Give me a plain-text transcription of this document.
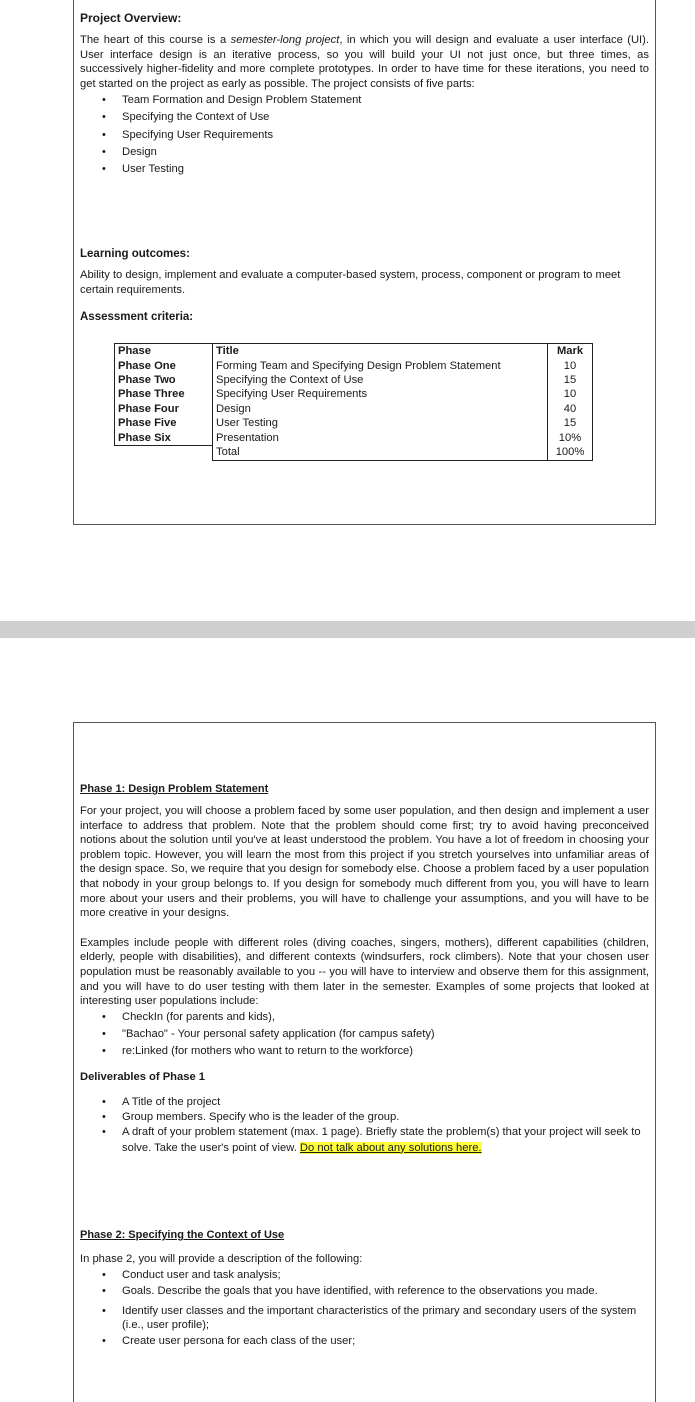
Project Overview:

The heart of this course is a semester-long project, in which you will design and evaluate a user interface (UI). User interface design is an iterative process, so you will build your UI not just once, but three times, as successively higher-fidelity and more complete prototypes. In order to have time for these iterations, you need to get started on the project as early as possible. The project consists of five parts:

• Team Formation and Design Problem Statement
• Specifying the Context of Use
• Specifying User Requirements
• Design
• User Testing
Learning outcomes:

Ability to design, implement and evaluate a computer-based system, process, component or program to meet certain requirements.

Assessment criteria:
Phase	Title	Mark
Phase One	Forming Team and Specifying Design Problem Statement	10
Phase Two	Specifying the Context of Use	15
Phase Three	Specifying User Requirements	10
Phase Four	Design	40
Phase Five	User Testing	15
Phase Six	Presentation	10%
	Total	100%
Phase 1: Design Problem Statement

For your project, you will choose a problem faced by some user population, and then design and implement a user interface to address that problem. Note that the problem should come first; try to avoid having preconceived notions about the solution until you've at least understood the problem. You have a lot of freedom in choosing your problem topic. However, you will learn the most from this project if you stretch yourselves into unfamiliar areas of the design space. So, we require that you design for somebody else. Choose a problem faced by a user population that nobody in your group belongs to. If you design for somebody much different from you, you will have to learn more about your users and their problems, you will have to challenge your assumptions, and you will have to be more creative in your designs.

Examples include people with different roles (diving coaches, singers, mothers), different capabilities (children, elderly, people with disabilities), and different contexts (windsurfers, rock climbers). Note that your chosen user population must be reasonably available to you -- you will have to interview and observe them for this assignment, and you will have to do user testing with them later in the semester. Examples of some projects that looked at interesting user populations include:

• CheckIn (for parents and kids),
• "Bachao" - Your personal safety application (for campus safety)
• re:Linked (for mothers who want to return to the workforce)
Deliverables of Phase 1
• A Title of the project
• Group members. Specify who is the leader of the group.
• A draft of your problem statement (max. 1 page). Briefly state the problem(s) that your project will seek to solve. Take the user's point of view. Do not talk about any solutions here.
Phase 2: Specifying the Context of Use

In phase 2, you will provide a description of the following:

• Conduct user and task analysis;
• Goals. Describe the goals that you have identified, with reference to the observations you made.
• Identify user classes and the important characteristics of the primary and secondary users of the system (i.e., user profile);
• Create user persona for each class of the user;
